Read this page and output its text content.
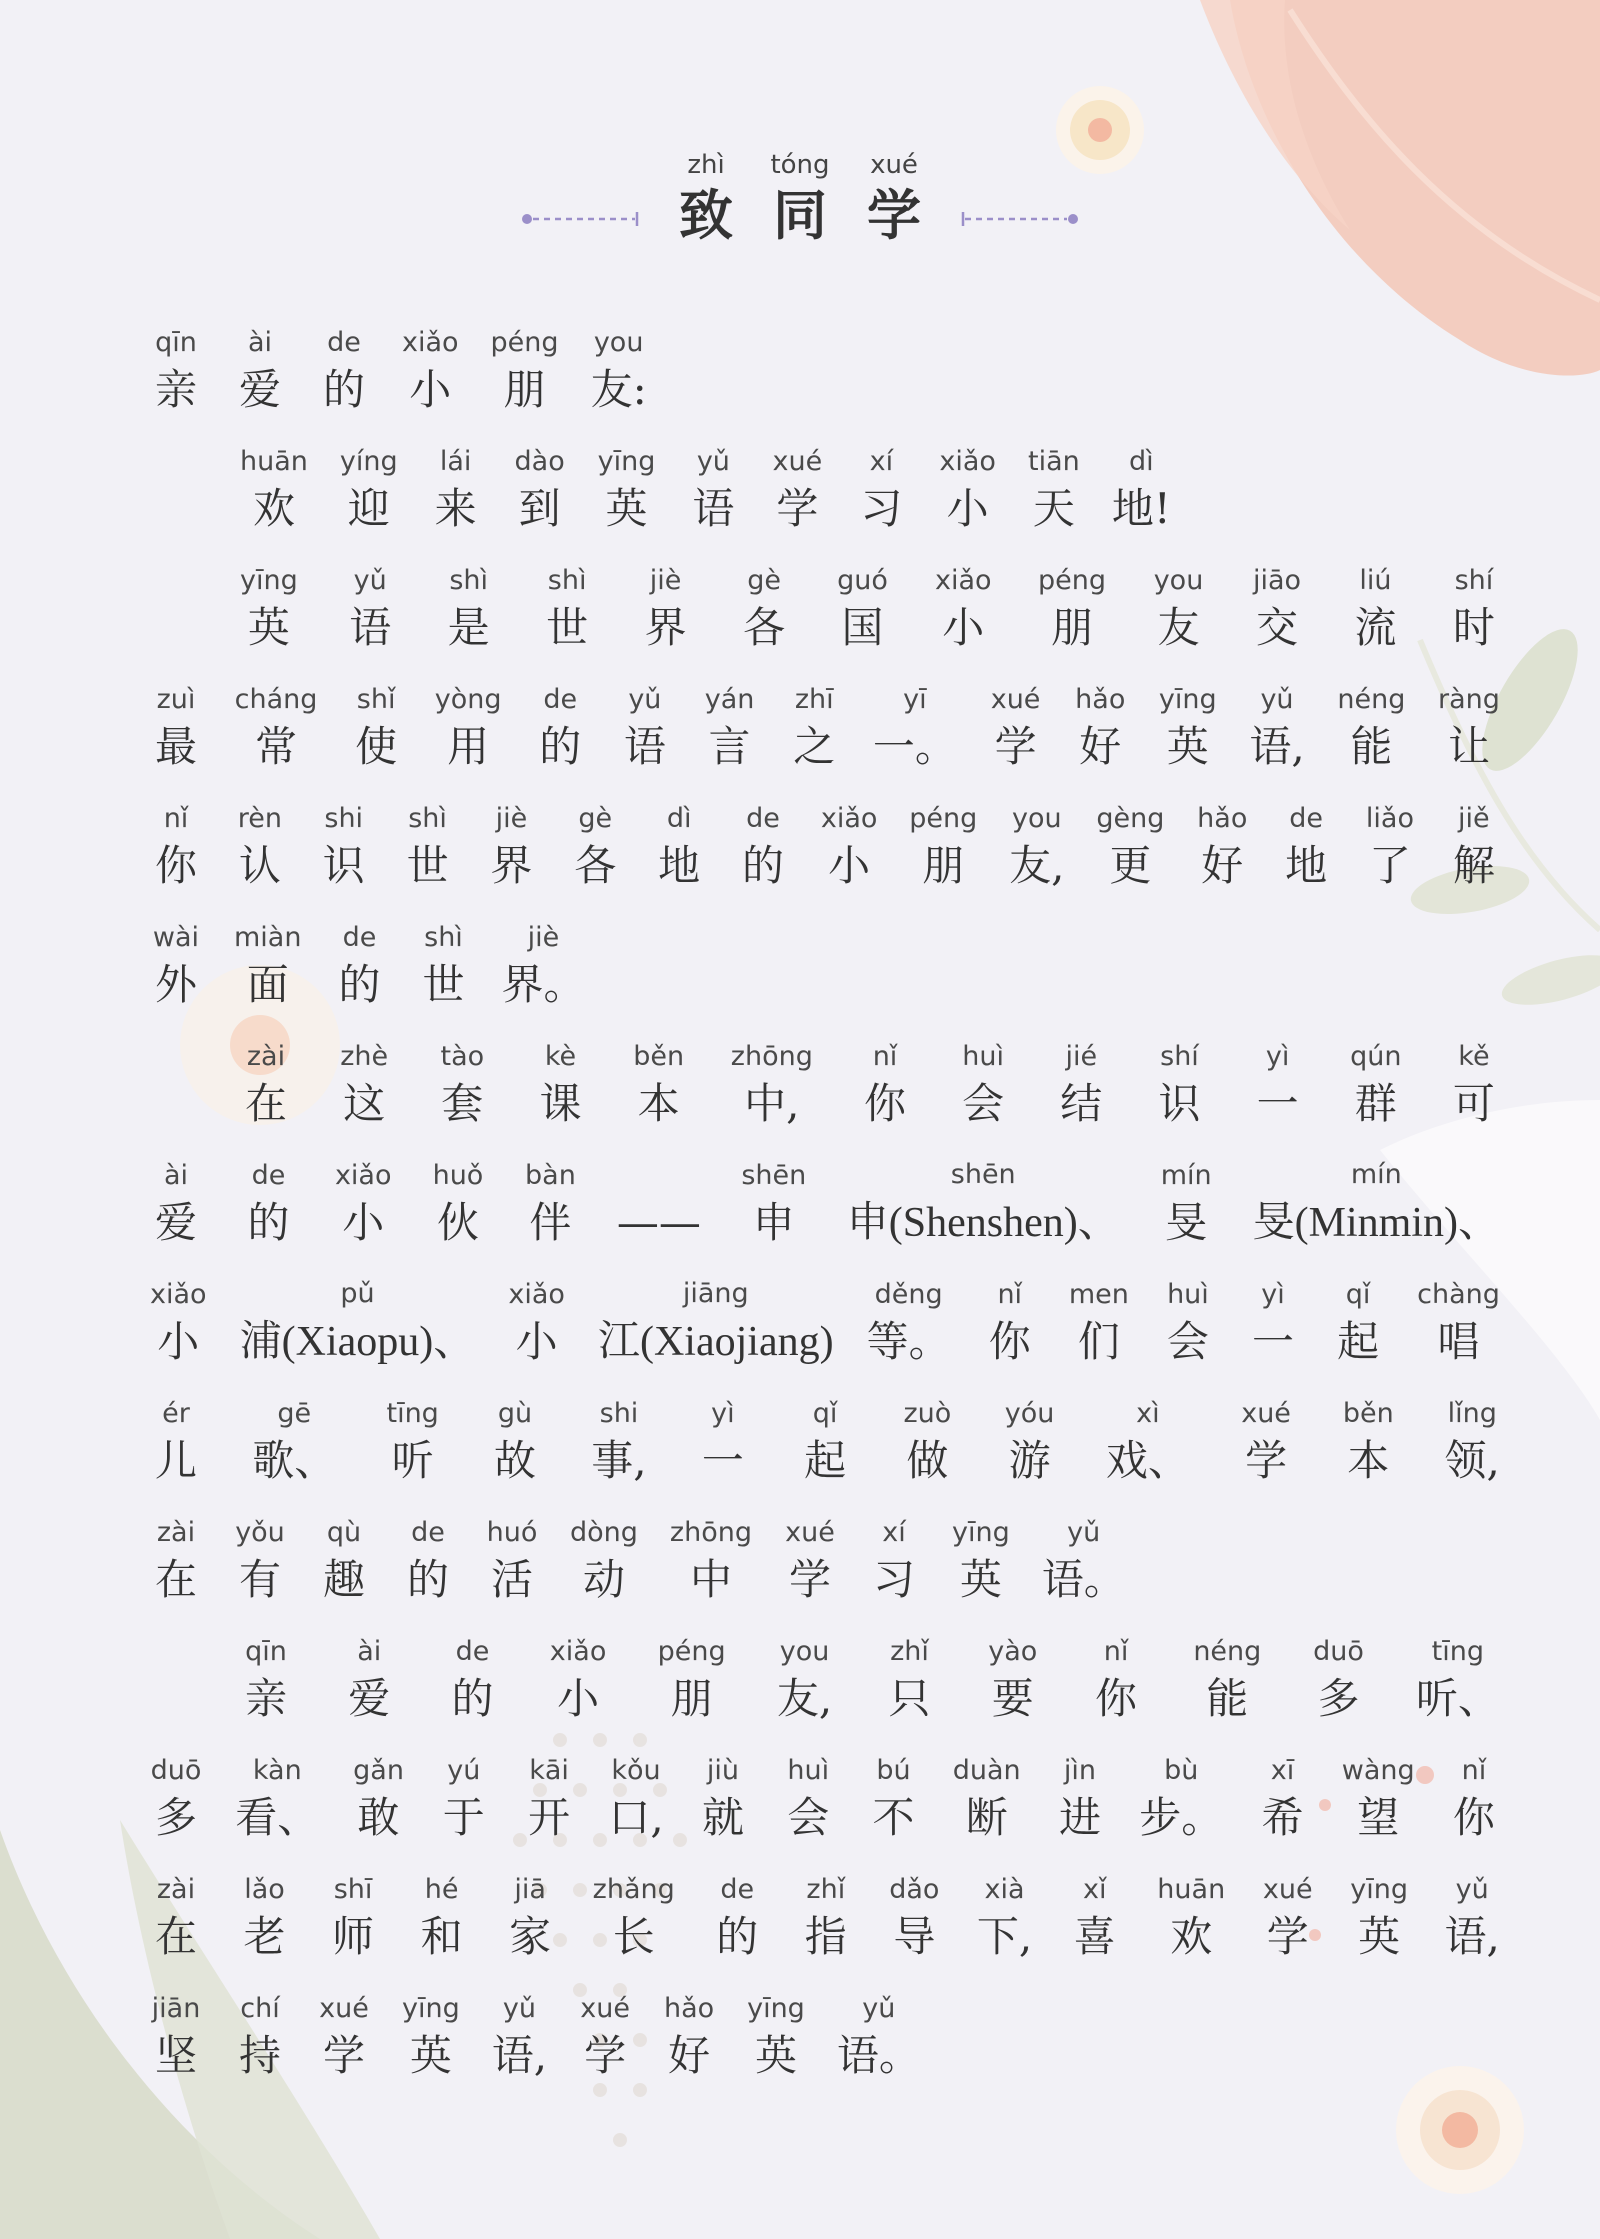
zhì
致
tóng
同
xué
学
qīn
亲
ài
爱
de
的
xiǎo
小
péng
朋
you
友:
huān
欢
yíng
迎
lái
来
dào
到
yīng
英
yǔ
语
xué
学
xí
习
xiǎo
小
tiān
天
dì
地!
yīng
英
yǔ
语
shì
是
shì
世
jiè
界
gè
各
guó
国
xiǎo
小
péng
朋
you
友
jiāo
交
liú
流
shí
时
zuì
最
cháng
常
shǐ
使
yòng
用
de
的
yǔ
语
yán
言
zhī
之
yī
一。
xué
学
hǎo
好
yīng
英
yǔ
语,
néng
能
ràng
让
nǐ
你
rèn
认
shi
识
shì
世
jiè
界
gè
各
dì
地
de
的
xiǎo
小
péng
朋
you
友,
gèng
更
hǎo
好
de
地
liǎo
了
jiě
解
wài
外
miàn
面
de
的
shì
世
jiè
界。
zài
在
zhè
这
tào
套
kè
课
běn
本
zhōng
中,
nǐ
你
huì
会
jié
结
shí
识
yì
一
qún
群
kě
可
ài
爱
de
的
xiǎo
小
huǒ
伙
bàn
伴 ——
shēn
申
shēn
申(Shenshen)、
mín
旻
mín
旻(Minmin)、
xiǎo
小
pǔ
浦(Xiaopu)、
xiǎo
小
jiāng
江(Xiaojiang)
děng
等。
nǐ
你
men
们
huì
会
yì
一
qǐ
起
chàng
唱
ér
儿
gē
歌、
tīng
听
gù
故
shi
事,
yì
一
qǐ
起
zuò
做
yóu
游
xì
戏、
xué
学
běn
本
lǐng
领,
zài
在
yǒu
有
qù
趣
de
的
huó
活
dòng
动
zhōng
中
xué
学
xí
习
yīng
英
yǔ
语。
qīn
亲
ài
爱
de
的
xiǎo
小
péng
朋
you
友,
zhǐ
只
yào
要
nǐ
你
néng
能
duō
多
tīng
听、
duō
多
kàn
看、
gǎn
敢
yú
于
kāi
开
kǒu
口,
jiù
就
huì
会
bú
不
duàn
断
jìn
进
bù
步。
xī
希
wàng
望
nǐ
你
zài
在
lǎo
老
shī
师
hé
和
jiā
家
zhǎng
长
de
的
zhǐ
指
dǎo
导
xià
下,
xǐ
喜
huān
欢
xué
学
yīng
英
yǔ
语,
jiān
坚
chí
持
xué
学
yīng
英
yǔ
语,
xué
学
hǎo
好
yīng
英
yǔ
语。
